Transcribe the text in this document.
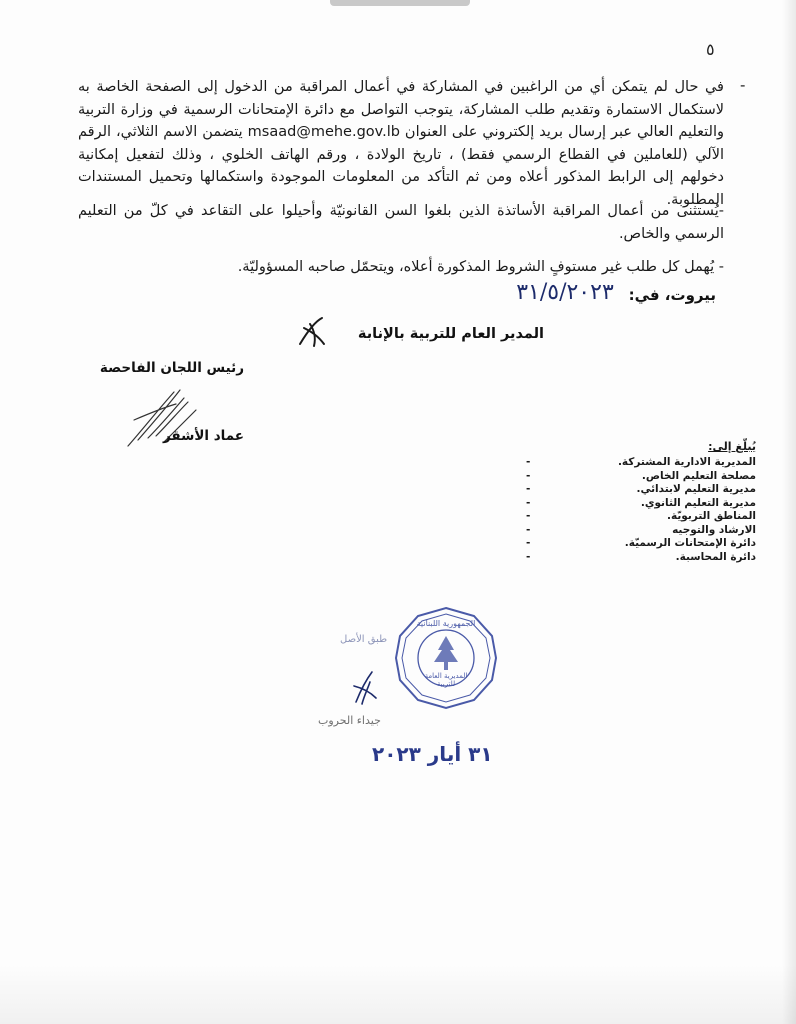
٥
-
في حال لم يتمكن أي من الراغبين في المشاركة في أعمال المراقبة من الدخول إلى الصفحة الخاصة به لاستكمال الاستمارة وتقديم طلب المشاركة، يتوجب التواصل مع دائرة الإمتحانات الرسمية في وزارة التربية والتعليم العالي عبر إرسال بريد إلكتروني على العنوان msaad@mehe.gov.lb يتضمن الاسم الثلاثي، الرقم الآلي (للعاملين في القطاع الرسمي فقط) ، تاريخ الولادة ، ورقم الهاتف الخلوي ، وذلك لتفعيل إمكانية دخولهم إلى الرابط المذكور أعلاه ومن ثم التأكد من المعلومات الموجودة واستكمالها وتحميل المستندات المطلوبة.
-يُستثنى من أعمال المراقبة الأساتذة الذين بلغوا السن القانونيّة وأحيلوا على التقاعد في كلّ من التعليم الرسمي والخاص.
- يُهمل كل طلب غير مستوفٍ الشروط المذكورة أعلاه، ويتحمّل صاحبه المسؤوليّة.
بيروت، في:
٣١/٥/٢٠٢٣
المدير العام للتربية بالإنابة
رئيس اللجان الفاحصة
عماد الأشقر
يُبلّغ إلى:
-	المديرية الادارية المشتركة.
-	مصلحة التعليم الخاص.
-	مديرية التعليم لابتدائي.
-	مديرية التعليم الثانوي.
-	المناطق التربويّة.
-	الارشاد والتوجيه
-	دائرة الإمتحانات الرسميّة.
-	دائرة المحاسبة.
الجمهورية اللبنانية
المديرية العامة
للتربية
طبق الأصل
جيداء الحروب
٣١ أيار ٢٠٢٣
